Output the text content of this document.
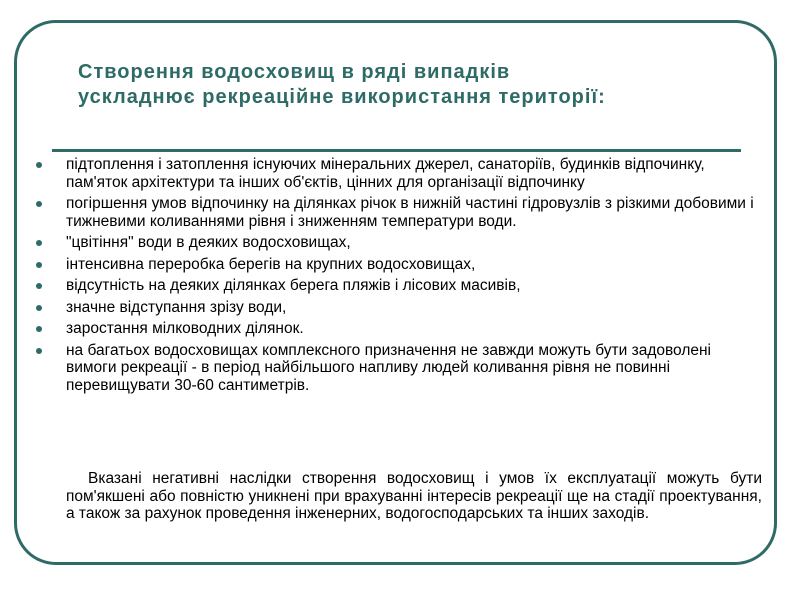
Створення водосховищ в ряді випадків
ускладнює рекреаційне використання території:
підтоплення і затоплення існуючих мінеральних джерел, санаторіїв, будинків відпочинку, пам'яток архітектури та інших об'єктів, цінних для організації відпочинку
погіршення умов відпочинку на ділянках річок в нижній частині гідровузлів з різкими добовими і тижневими коливаннями рівня і зниженням температури води.
"цвітіння" води в деяких водосховищах,
інтенсивна переробка берегів на крупних водосховищах,
відсутність на деяких ділянках берега пляжів і лісових масивів,
значне відступання зрізу води,
заростання мілководних ділянок.
на багатьох водосховищах комплексного призначення не завжди можуть бути задоволені вимоги рекреації - в період найбільшого напливу людей коливання рівня не повинні перевищувати 30-60 сантиметрів.

Вказані негативні наслідки створення водосховищ і умов їх експлуатації можуть бути пом'якшені або повністю уникнені при врахуванні інтересів рекреації ще на стадії проектування, а також за рахунок проведення інженерних, водогосподарських та інших заходів.
